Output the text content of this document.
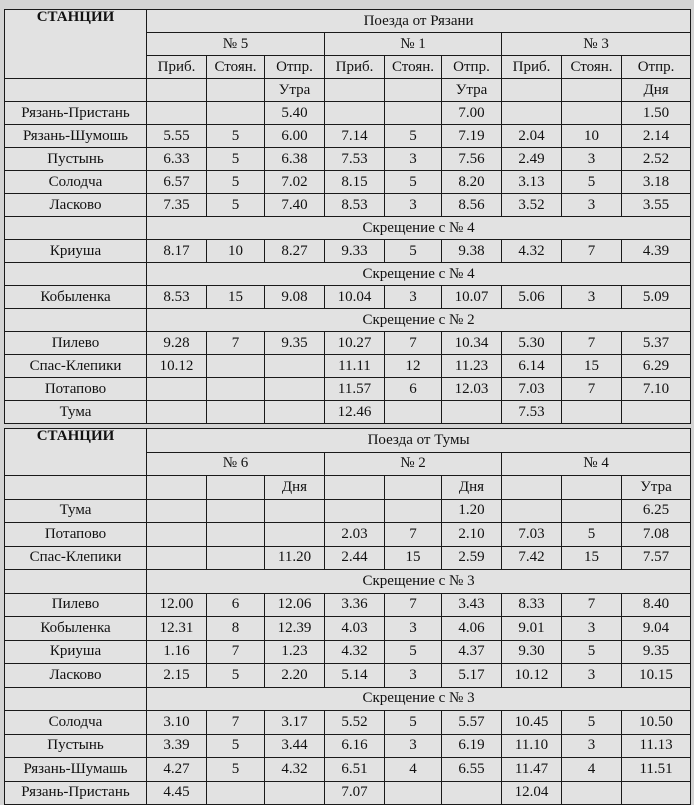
СТАНЦИИ	Поезда от Рязани								
	№ 5			№ 1			№ 3		
	Приб.	Стоян.	Отпр.	Приб.	Стоян.	Отпр.	Приб.	Стоян.	Отпр.
			Утра			Утра			Дня
Рязань-Пристань			5.40			7.00			1.50
Рязань-Шумошь	5.55	5	6.00	7.14	5	7.19	2.04	10	2.14
Пустынь	6.33	5	6.38	7.53	3	7.56	2.49	3	2.52
Солодча	6.57	5	7.02	8.15	5	8.20	3.13	5	3.18
Ласково	7.35	5	7.40	8.53	3	8.56	3.52	3	3.55
	Скрещение с № 4								
Криуша	8.17	10	8.27	9.33	5	9.38	4.32	7	4.39
	Скрещение с № 4								
Кобыленка	8.53	15	9.08	10.04	3	10.07	5.06	3	5.09
	Скрещение с № 2								
Пилево	9.28	7	9.35	10.27	7	10.34	5.30	7	5.37
Спас-Клепики	10.12			11.11	12	11.23	6.14	15	6.29
Потапово				11.57	6	12.03	7.03	7	7.10
Тума				12.46			7.53		
СТАНЦИИ	Поезда от Тумы								
	№ 6			№ 2			№ 4		
			Дня			Дня			Утра
Тума						1.20			6.25
Потапово				2.03	7	2.10	7.03	5	7.08
Спас-Клепики			11.20	2.44	15	2.59	7.42	15	7.57
	Скрещение с № 3								
Пилево	12.00	6	12.06	3.36	7	3.43	8.33	7	8.40
Кобыленка	12.31	8	12.39	4.03	3	4.06	9.01	3	9.04
Криуша	1.16	7	1.23	4.32	5	4.37	9.30	5	9.35
Ласково	2.15	5	2.20	5.14	3	5.17	10.12	3	10.15
	Скрещение с № 3								
Солодча	3.10	7	3.17	5.52	5	5.57	10.45	5	10.50
Пустынь	3.39	5	3.44	6.16	3	6.19	11.10	3	11.13
Рязань-Шумашь	4.27	5	4.32	6.51	4	6.55	11.47	4	11.51
Рязань-Пристань	4.45			7.07			12.04		
